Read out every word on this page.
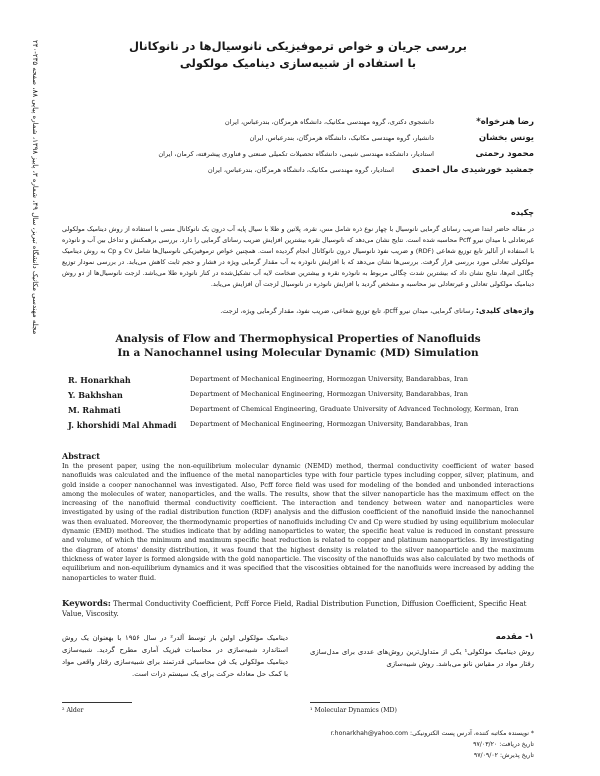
مجله مهندسی مکانیک دانشگاه تبریز، سال ۴۹، شماره ۳، پاییز ۱۳۹۸، شماره پیاپی ۸۸، صفحه ۲۳۵-۲۴۰
بررسی جریان و خواص ترموفیزیکی نانوسیال‌ها در نانوکانال
با استفاده از شبیه‌سازی دینامیک مولکولی
رضا هنرخواه*
دانشجوی دکتری، گروه مهندسی مکانیک، دانشگاه هرمزگان، بندرعباس، ایران
یونس بخشان
دانشیار، گروه مهندسی مکانیک، دانشگاه هرمزگان، بندرعباس، ایران
محمود رحمتی
استادیار، دانشکده مهندسی شیمی، دانشگاه تحصیلات تکمیلی صنعتی و فناوری پیشرفته، کرمان، ایران
جمشید خورشیدی مال احمدی
استادیار، گروه مهندسی مکانیک، دانشگاه هرمزگان، بندرعباس، ایران
چکیده
در مقاله حاضر ابتدا ضریب رسانای گرمایی نانوسیال با چهار نوع ذره شامل مس، نقره، پلاتین و طلا با سیال پایه آب درون یک نانوکانال مسی با استفاده از روش دینامیک مولکولی غیرتعادلی با میدان نیرو Pcff محاسبه شده است. نتایج نشان می‌دهد که نانوسیال نقره بیشترین افزایش ضریب رسانای گرمایی را دارد. بررسی برهمکنش و تداخل بین آب و نانوذره با استفاده از آنالیز تابع توزیع شعاعی (RDF) و ضریب نفوذ نانوسیال درون نانوکانال انجام گردیده است. همچنین خواص ترموفیزیکی نانوسیال‌ها شامل Cv و Cp به روش دینامیک مولکولی تعادلی مورد بررسی قرار گرفت. بررسی‌ها نشان می‌دهد که با افزایش نانوذره به آب مقدار گرمایی ویژه در فشار و حجم ثابت کاهش می‌یابد. در بررسی نمودار توزیع چگالی اتم‌ها، نتایج نشان داد که بیشترین شدت چگالی مربوط به نانوذره نقره و بیشترین ضخامت لایه آب تشکیل‌شده در کنار نانوذره طلا می‌باشد. لزجت نانوسیال‌ها از دو روش دینامیک مولکولی تعادلی و غیرتعادلی نیز محاسبه و مشخص گردید با افزایش نانوذره در نانوسیال لزجت آن افزایش می‌یابد.
واژه‌های کلیدی: رسانای گرمایی، میدان نیرو pcff، تابع توزیع شعاعی، ضریب نفوذ، مقدار گرمایی ویژه، لزجت.
Analysis of Flow and Thermophysical Properties of Nanofluids
In a Nanochannel using Molecular Dynamic (MD) Simulation
R. Honarkhah	Department of Mechanical Engineering, Hormozgan University, Bandarabbas, Iran
Y. Bakhshan	Department of Mechanical Engineering, Hormozgan University, Bandarabbas, Iran
M. Rahmati	Department of Chemical Engineering, Graduate University of Advanced Technology, Kerman, Iran
J. khorshidi Mal Ahmadi	Department of Mechanical Engineering, Hormozgan University, Bandarabbas, Iran
Abstract
In the present paper, using the non-equilibrium molecular dynamic (NEMD) method, thermal conductivity coefficient of water based nanofluids was calculated and the influence of the metal nanoparticles type with four particle types including copper, silver, platinum, and gold inside a cooper nanochannel was investigated. Also, Pcff force field was used for modeling of the bonded and unbonded interactions among the molecules of water, nanoparticles, and the walls. The results, show that the silver nanoparticle has the maximum effect on the increasing of the nanofluid thermal conductivity coefficient. The interaction and tendency between water and nanoparticles were investigated by using of the radial distribution function (RDF) analysis and the diffusion coefficient of the nanofluid inside the nanochannel was then evaluated. Moreover, the thermodynamic properties of nanofluids including Cv and Cp were studied by using equilibrium molecular dynamic (EMD) method. The studies indicate that by adding nanoparticles to water, the specific heat value is reduced in constant pressure and volume, of which the minimum and maximum specific heat reduction is related to copper and platinum nanoparticles. By investigating the diagram of atoms' density distribution, it was found that the highest density is related to the silver nanoparticle and the maximum thickness of water layer is formed alongside with the gold nanoparticle. The viscosity of the nanofluids was also calculated by two methods of equilibrium and non-equilibrium dynamics and it was specified that the viscosities obtained for the nanofluids were increased by adding the nanoparticles to water fluid.
Keywords: Thermal Conductivity Coefficient, Pcff Force Field, Radial Distribution Function, Diffusion Coefficient, Specific Heat Value, Viscosity.
۱- مقدمه
روش دینامیک مولکولی¹ یکی از متداول‌ترین روش‌های عددی برای مدل‌سازی رفتار مواد در مقیاس نانو می‌باشد. روش شبیه‌سازی
دینامیک مولکولی اولین بار توسط آلدر² در سال ۱۹۵۶ با بهعنوان یک روش استاندارد شبیه‌سازی در محاسبات فیزیک آماری مطرح گردید. شبیه‌سازی دینامیک مولکولی یک فن محاسباتی قدرتمند برای شبیه‌سازی رفتار واقعی مواد با کمک حل معادله حرکت برای یک سیستم ذرات است.
² Alder	¹ Molecular Dynamics (MD)
* نویسنده مکاتبه کننده، آدرس پست الکترونیکی: r.honarkhah@yahoo.com
تاریخ دریافت: ۹۷/۰۳/۲۰
تاریخ پذیرش: ۹۷/۰۹/۰۲
